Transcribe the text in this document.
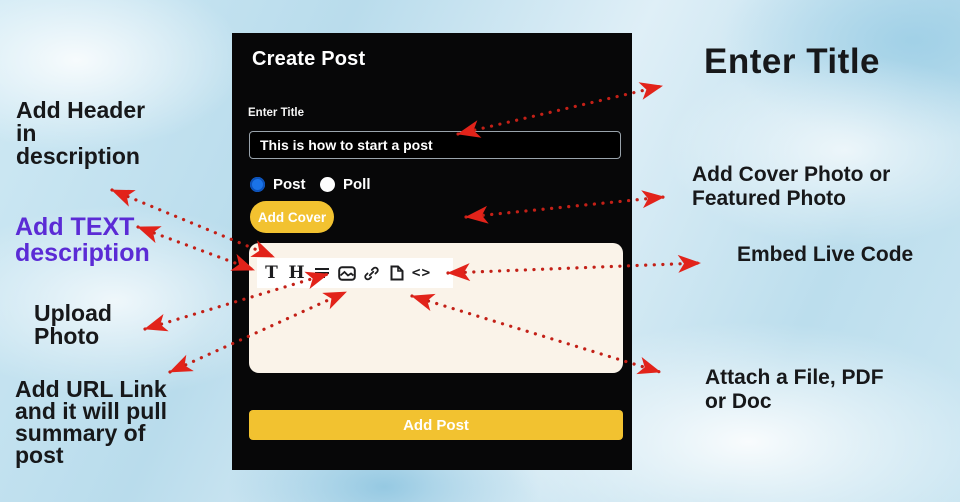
Create Post
Enter Title
This is how to start a post
Post Poll
Add Cover
T H	<>
Add Post
Enter Title
Add Header
in
description
Add TEXT
description
Upload
Photo
Add URL Link
and it will pull
summary of
post
Add Cover Photo or
Featured Photo
Embed Live Code
Attach a File, PDF
or Doc
